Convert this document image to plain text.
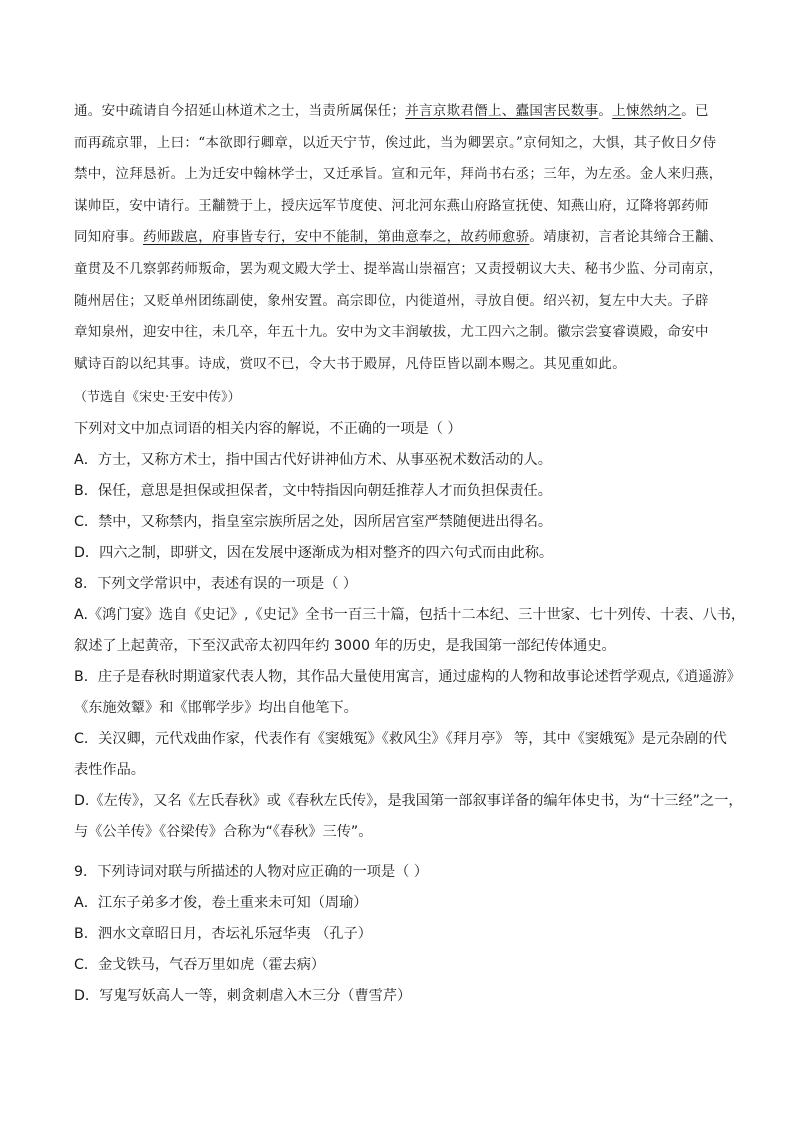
通。安中疏请自今招延山林道术之士，当责所属保任；并言京欺君僭上、蠹国害民数事。上悚然纳之。已
而再疏京罪，上曰：“本欲即行卿章，以近天宁节，俟过此，当为卿罢京。”京伺知之，大惧，其子攸日夕侍
禁中，泣拜恳祈。上为迁安中翰林学士，又迁承旨。宣和元年，拜尚书右丞；三年，为左丞。金人来归燕，
谋帅臣，安中请行。王黼赞于上，授庆远军节度使、河北河东燕山府路宣抚使、知燕山府，辽降将郭药师
同知府事。药师跋扈，府事皆专行，安中不能制，第曲意奉之，故药师愈骄。靖康初，言者论其缔合王黼、
童贯及不几察郭药师叛命，罢为观文殿大学士、提举嵩山崇福宫；又责授朝议大夫、秘书少监、分司南京，
随州居住；又贬单州团练副使，象州安置。高宗即位，内徙道州，寻放自便。绍兴初，复左中大夫。子辟
章知泉州，迎安中往，未几卒，年五十九。安中为文丰润敏拔，尤工四六之制。徽宗尝宴睿谟殿，命安中
赋诗百韵以纪其事。诗成，赏叹不已，令大书于殿屏，凡侍臣皆以副本赐之。其见重如此。
（节选自《宋史·王安中传》）
下列对文中加点词语的相关内容的解说，不正确的一项是（ ）
A．方士，又称方术士，指中国古代好讲神仙方术、从事巫祝术数活动的人。
B．保任，意思是担保或担保者，文中特指因向朝廷推荐人才而负担保责任。
C．禁中，又称禁内，指皇室宗族所居之处，因所居宫室严禁随便进出得名。
D．四六之制，即骈文，因在发展中逐渐成为相对整齐的四六句式而由此称。
8．下列文学常识中，表述有误的一项是（ ）
A.《鸿门宴》选自《史记》,《史记》全书一百三十篇，包括十二本纪、三十世家、七十列传、十表、八书，
叙述了上起黄帝，下至汉武帝太初四年约 3000 年的历史，是我国第一部纪传体通史。
B．庄子是春秋时期道家代表人物，其作品大量使用寓言，通过虚构的人物和故事论述哲学观点,《逍遥游》
《东施效颦》和《邯郸学步》均出自他笔下。
C．关汉卿，元代戏曲作家，代表作有《窦娥冤》《救风尘》《拜月亭》 等，其中《窦娥冤》是元杂剧的代
表性作品。
D.《左传》，又名《左氏春秋》或《春秋左氏传》，是我国第一部叙事详备的编年体史书，为“十三经”之一，
与《公羊传》《谷梁传》合称为“《春秋》三传”。
9．下列诗词对联与所描述的人物对应正确的一项是（ ）
A．江东子弟多才俊，卷土重来未可知（周瑜）
B．泗水文章昭日月，杏坛礼乐冠华夷 （孔子）
C．金戈铁马，气吞万里如虎（霍去病）
D．写鬼写妖高人一等，刺贪刺虐入木三分（曹雪芹）
